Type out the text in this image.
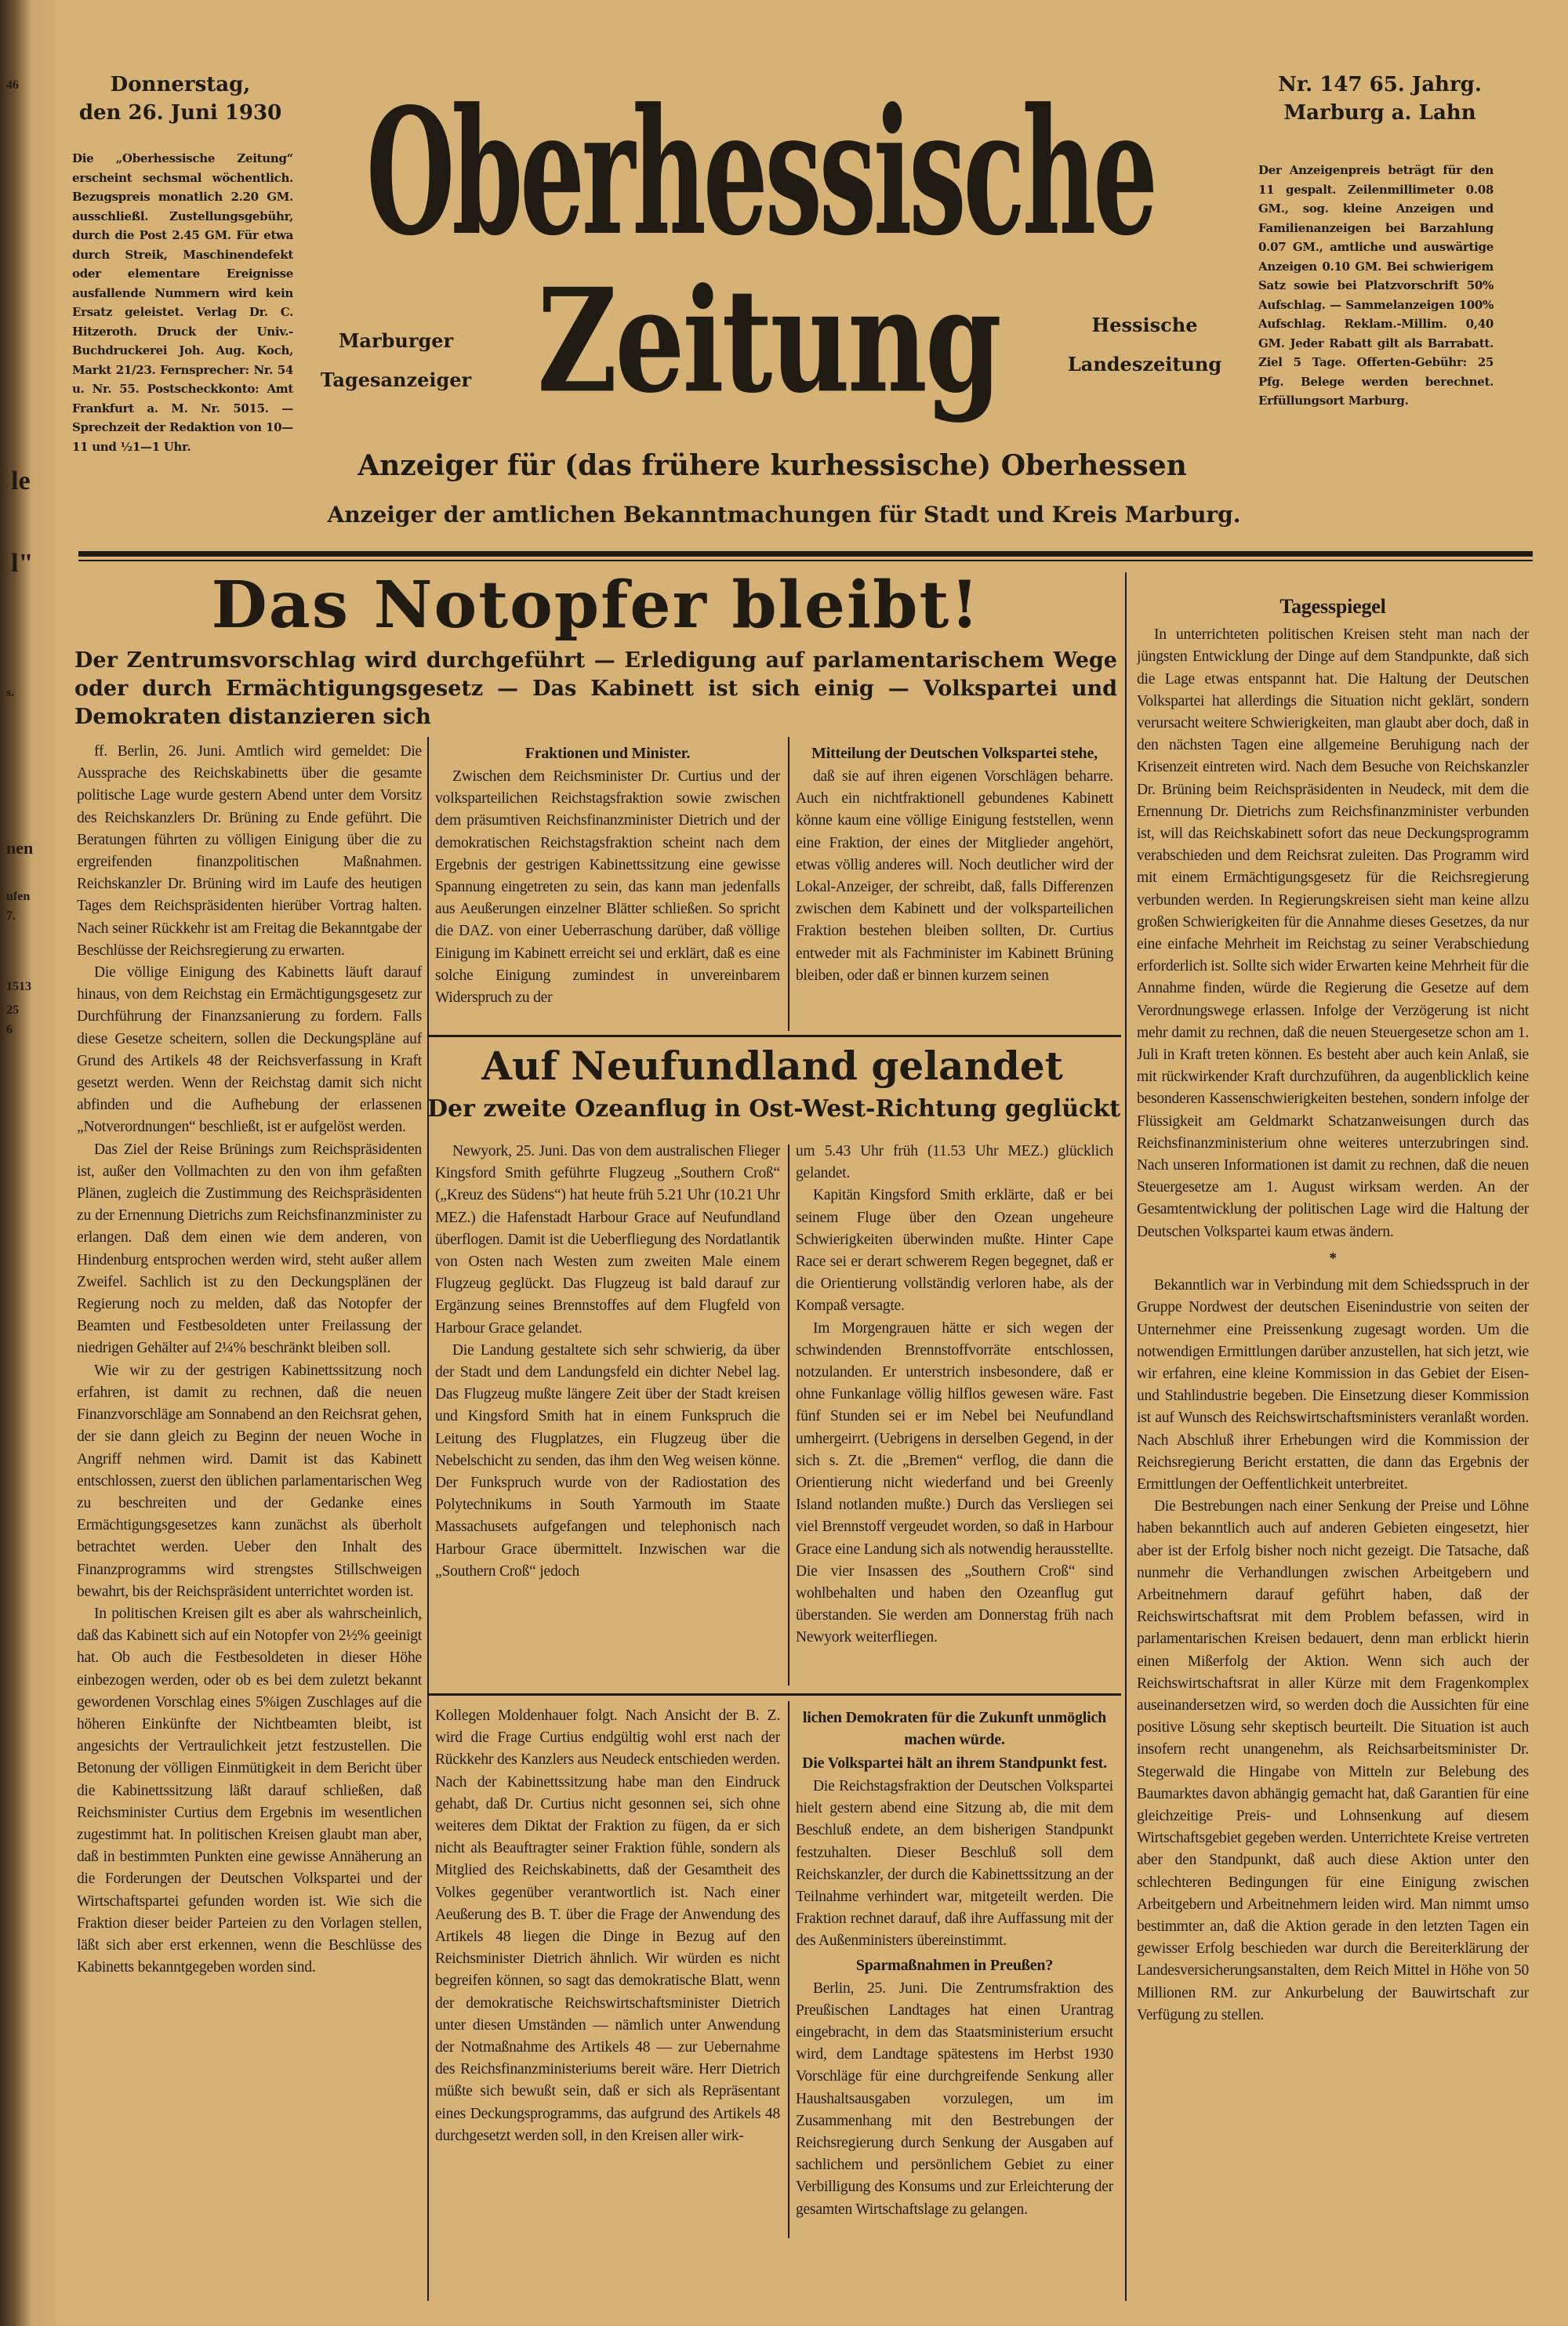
46
le
l"
s.
nen
ufen
7.
1513
25
6
Donnerstag,
den 26. Juni 1930
Nr. 147 65. Jahrg.
Marburg a. Lahn
Die „Oberhessische Zeitung“ erscheint sechsmal wöchentlich. Bezugspreis monatlich 2.20 GM. ausschließl. Zustellungsgebühr, durch die Post 2.45 GM. Für etwa durch Streik, Maschinendefekt oder elementare Ereignisse ausfallende Nummern wird kein Ersatz geleistet. Verlag Dr. C. Hitzeroth. Druck der Univ.-Buchdruckerei Joh. Aug. Koch, Markt 21/23. Fernsprecher: Nr. 54 u. Nr. 55. Postscheckkonto: Amt Frankfurt a. M. Nr. 5015. — Sprechzeit der Redaktion von 10—11 und ½1—1 Uhr.
Der Anzeigenpreis beträgt für den 11 gespalt. Zeilenmillimeter 0.08 GM., sog. kleine Anzeigen und Familienanzeigen bei Barzahlung 0.07 GM., amtliche und auswärtige Anzeigen 0.10 GM. Bei schwierigem Satz sowie bei Platzvorschrift 50% Aufschlag. — Sammelanzeigen 100% Aufschlag. Reklam.-Millim. 0,40 GM. Jeder Rabatt gilt als Barrabatt. Ziel 5 Tage. Offerten-Gebühr: 25 Pfg. Belege werden berechnet. Erfüllungsort Marburg.
Oberhessische
Zeitung
Marburger
Tagesanzeiger
Hessische
Landeszeitung
Anzeiger für (das frühere kurhessische) Oberhessen
Anzeiger der amtlichen Bekanntmachungen für Stadt und Kreis Marburg.
Das Notopfer bleibt!
Der Zentrumsvorschlag wird durchgeführt — Erledigung auf parlamentarischem Wege oder durch Ermächtigungsgesetz — Das Kabinett ist sich einig — Volkspartei und Demokraten distanzieren sich

ff. Berlin, 26. Juni. Amtlich wird gemeldet: Die Aussprache des Reichskabinetts über die gesamte politische Lage wurde gestern Abend unter dem Vorsitz des Reichskanzlers Dr. Brüning zu Ende geführt. Die Beratungen führten zu völligen Einigung über die zu ergreifenden finanzpolitischen Maßnahmen. Reichskanzler Dr. Brüning wird im Laufe des heutigen Tages dem Reichspräsidenten hierüber Vortrag halten. Nach seiner Rückkehr ist am Freitag die Bekanntgabe der Beschlüsse der Reichsregierung zu erwarten.

Die völlige Einigung des Kabinetts läuft darauf hinaus, von dem Reichstag ein Ermächtigungsgesetz zur Durchführung der Finanzsanierung zu fordern. Falls diese Gesetze scheitern, sollen die Deckungspläne auf Grund des Artikels 48 der Reichsverfassung in Kraft gesetzt werden. Wenn der Reichstag damit sich nicht abfinden und die Aufhebung der erlassenen „Notverordnungen“ beschließt, ist er aufgelöst werden.

Das Ziel der Reise Brünings zum Reichspräsidenten ist, außer den Vollmachten zu den von ihm gefaßten Plänen, zugleich die Zustimmung des Reichspräsidenten zu der Ernennung Dietrichs zum Reichsfinanzminister zu erlangen. Daß dem einen wie dem anderen, von Hindenburg entsprochen werden wird, steht außer allem Zweifel. Sachlich ist zu den Deckungsplänen der Regierung noch zu melden, daß das Notopfer der Beamten und Festbesoldeten unter Freilassung der niedrigen Gehälter auf 2¼% beschränkt bleiben soll.

Wie wir zu der gestrigen Kabinettssitzung noch erfahren, ist damit zu rechnen, daß die neuen Finanzvorschläge am Sonnabend an den Reichsrat gehen, der sie dann gleich zu Beginn der neuen Woche in Angriff nehmen wird. Damit ist das Kabinett entschlossen, zuerst den üblichen parlamentarischen Weg zu beschreiten und der Gedanke eines Ermächtigungsgesetzes kann zunächst als überholt betrachtet werden. Ueber den Inhalt des Finanzprogramms wird strengstes Stillschweigen bewahrt, bis der Reichspräsident unterrichtet worden ist.

In politischen Kreisen gilt es aber als wahrscheinlich, daß das Kabinett sich auf ein Notopfer von 2½% geeinigt hat. Ob auch die Festbesoldeten in dieser Höhe einbezogen werden, oder ob es bei dem zuletzt bekannt gewordenen Vorschlag eines 5%igen Zuschlages auf die höheren Einkünfte der Nichtbeamten bleibt, ist angesichts der Vertraulichkeit jetzt festzustellen. Die Betonung der völligen Einmütigkeit in dem Bericht über die Kabinettssitzung läßt darauf schließen, daß Reichsminister Curtius dem Ergebnis im wesentlichen zugestimmt hat. In politischen Kreisen glaubt man aber, daß in bestimmten Punkten eine gewisse Annäherung an die Forderungen der Deutschen Volkspartei und der Wirtschaftspartei gefunden worden ist. Wie sich die Fraktion dieser beider Parteien zu den Vorlagen stellen, läßt sich aber erst erkennen, wenn die Beschlüsse des Kabinetts bekanntgegeben worden sind.

Fraktionen und Minister.

Zwischen dem Reichsminister Dr. Curtius und der volksparteilichen Reichstagsfraktion sowie zwischen dem präsumtiven Reichsfinanzminister Dietrich und der demokratischen Reichstagsfraktion scheint nach dem Ergebnis der gestrigen Kabinettssitzung eine gewisse Spannung eingetreten zu sein, das kann man jedenfalls aus Aeußerungen einzelner Blätter schließen. So spricht die DAZ. von einer Ueberraschung darüber, daß völlige Einigung im Kabinett erreicht sei und erklärt, daß es eine solche Einigung zumindest in unvereinbarem Widerspruch zu der

Mitteilung der Deutschen Volkspartei stehe,

daß sie auf ihren eigenen Vorschlägen beharre. Auch ein nichtfraktionell gebundenes Kabinett könne kaum eine völlige Einigung feststellen, wenn eine Fraktion, der eines der Mitglieder angehört, etwas völlig anderes will. Noch deutlicher wird der Lokal-Anzeiger, der schreibt, daß, falls Differenzen zwischen dem Kabinett und der volksparteilichen Fraktion bestehen bleiben sollten, Dr. Curtius entweder mit als Fachminister im Kabinett Brüning bleiben, oder daß er binnen kurzem seinen

Auf Neufundland gelandet
Der zweite Ozeanflug in Ost-West-Richtung geglückt

Newyork, 25. Juni. Das von dem australischen Flieger Kingsford Smith geführte Flugzeug „Southern Croß“ („Kreuz des Südens“) hat heute früh 5.21 Uhr (10.21 Uhr MEZ.) die Hafenstadt Harbour Grace auf Neufundland überflogen. Damit ist die Ueberfliegung des Nordatlantik von Osten nach Westen zum zweiten Male einem Flugzeug geglückt. Das Flugzeug ist bald darauf zur Ergänzung seines Brennstoffes auf dem Flugfeld von Harbour Grace gelandet.

Die Landung gestaltete sich sehr schwierig, da über der Stadt und dem Landungsfeld ein dichter Nebel lag. Das Flugzeug mußte längere Zeit über der Stadt kreisen und Kingsford Smith hat in einem Funkspruch die Leitung des Flugplatzes, ein Flugzeug über die Nebelschicht zu senden, das ihm den Weg weisen könne. Der Funkspruch wurde von der Radiostation des Polytechnikums in South Yarmouth im Staate Massachusets aufgefangen und telephonisch nach Harbour Grace übermittelt. Inzwischen war die „Southern Croß“ jedoch

um 5.43 Uhr früh (11.53 Uhr MEZ.) glücklich gelandet.

Kapitän Kingsford Smith erklärte, daß er bei seinem Fluge über den Ozean ungeheure Schwierigkeiten überwinden mußte. Hinter Cape Race sei er derart schwerem Regen begegnet, daß er die Orientierung vollständig verloren habe, als der Kompaß versagte.

Im Morgengrauen hätte er sich wegen der schwindenden Brennstoffvorräte entschlossen, notzulanden. Er unterstrich insbesondere, daß er ohne Funkanlage völlig hilflos gewesen wäre. Fast fünf Stunden sei er im Nebel bei Neufundland umhergeirrt. (Uebrigens in derselben Gegend, in der sich s. Zt. die „Bremen“ verflog, die dann die Orientierung nicht wiederfand und bei Greenly Island notlanden mußte.) Durch das Versliegen sei viel Brennstoff vergeudet worden, so daß in Harbour Grace eine Landung sich als notwendig herausstellte. Die vier Insassen des „Southern Croß“ sind wohlbehalten und haben den Ozeanflug gut überstanden. Sie werden am Donnerstag früh nach Newyork weiterfliegen.

Kollegen Moldenhauer folgt. Nach Ansicht der B. Z. wird die Frage Curtius endgültig wohl erst nach der Rückkehr des Kanzlers aus Neudeck entschieden werden. Nach der Kabinettssitzung habe man den Eindruck gehabt, daß Dr. Curtius nicht gesonnen sei, sich ohne weiteres dem Diktat der Fraktion zu fügen, da er sich nicht als Beauftragter seiner Fraktion fühle, sondern als Mitglied des Reichskabinetts, daß der Gesamtheit des Volkes gegenüber verantwortlich ist. Nach einer Aeußerung des B. T. über die Frage der Anwendung des Artikels 48 liegen die Dinge in Bezug auf den Reichsminister Dietrich ähnlich. Wir würden es nicht begreifen können, so sagt das demokratische Blatt, wenn der demokratische Reichswirtschaftsminister Dietrich unter diesen Umständen — nämlich unter Anwendung der Notmaßnahme des Artikels 48 — zur Uebernahme des Reichsfinanzministeriums bereit wäre. Herr Dietrich müßte sich bewußt sein, daß er sich als Repräsentant eines Deckungsprogramms, das aufgrund des Artikels 48 durchgesetzt werden soll, in den Kreisen aller wirk-

lichen Demokraten für die Zukunft unmöglich machen würde.
Die Volkspartei hält an ihrem Standpunkt fest.

Die Reichstagsfraktion der Deutschen Volkspartei hielt gestern abend eine Sitzung ab, die mit dem Beschluß endete, an dem bisherigen Standpunkt festzuhalten. Dieser Beschluß soll dem Reichskanzler, der durch die Kabinettssitzung an der Teilnahme verhindert war, mitgeteilt werden. Die Fraktion rechnet darauf, daß ihre Auffassung mit der des Außenministers übereinstimmt.

Sparmaßnahmen in Preußen?

Berlin, 25. Juni. Die Zentrumsfraktion des Preußischen Landtages hat einen Urantrag eingebracht, in dem das Staatsministerium ersucht wird, dem Landtage spätestens im Herbst 1930 Vorschläge für eine durchgreifende Senkung aller Haushaltsausgaben vorzulegen, um im Zusammenhang mit den Bestrebungen der Reichsregierung durch Senkung der Ausgaben auf sachlichem und persönlichem Gebiet zu einer Verbilligung des Konsums und zur Erleichterung der gesamten Wirtschaftslage zu gelangen.

Tagesspiegel

In unterrichteten politischen Kreisen steht man nach der jüngsten Entwicklung der Dinge auf dem Standpunkte, daß sich die Lage etwas entspannt hat. Die Haltung der Deutschen Volkspartei hat allerdings die Situation nicht geklärt, sondern verursacht weitere Schwierigkeiten, man glaubt aber doch, daß in den nächsten Tagen eine allgemeine Beruhigung nach der Krisenzeit eintreten wird. Nach dem Besuche von Reichskanzler Dr. Brüning beim Reichspräsidenten in Neudeck, mit dem die Ernennung Dr. Dietrichs zum Reichsfinanzminister verbunden ist, will das Reichskabinett sofort das neue Deckungsprogramm verabschieden und dem Reichsrat zuleiten. Das Programm wird mit einem Ermächtigungsgesetz für die Reichsregierung verbunden werden. In Regierungskreisen sieht man keine allzu großen Schwierigkeiten für die Annahme dieses Gesetzes, da nur eine einfache Mehrheit im Reichstag zu seiner Verabschiedung erforderlich ist. Sollte sich wider Erwarten keine Mehrheit für die Annahme finden, würde die Regierung die Gesetze auf dem Verordnungswege erlassen. Infolge der Verzögerung ist nicht mehr damit zu rechnen, daß die neuen Steuergesetze schon am 1. Juli in Kraft treten können. Es besteht aber auch kein Anlaß, sie mit rückwirkender Kraft durchzuführen, da augenblicklich keine besonderen Kassenschwierigkeiten bestehen, sondern infolge der Flüssigkeit am Geldmarkt Schatzanweisungen durch das Reichsfinanzministerium ohne weiteres unterzubringen sind. Nach unseren Informationen ist damit zu rechnen, daß die neuen Steuergesetze am 1. August wirksam werden. An der Gesamtentwicklung der politischen Lage wird die Haltung der Deutschen Volkspartei kaum etwas ändern.

*

Bekanntlich war in Verbindung mit dem Schiedsspruch in der Gruppe Nordwest der deutschen Eisenindustrie von seiten der Unternehmer eine Preissenkung zugesagt worden. Um die notwendigen Ermittlungen darüber anzustellen, hat sich jetzt, wie wir erfahren, eine kleine Kommission in das Gebiet der Eisen- und Stahlindustrie begeben. Die Einsetzung dieser Kommission ist auf Wunsch des Reichswirtschaftsministers veranlaßt worden. Nach Abschluß ihrer Erhebungen wird die Kommission der Reichsregierung Bericht erstatten, die dann das Ergebnis der Ermittlungen der Oeffentlichkeit unterbreitet.

Die Bestrebungen nach einer Senkung der Preise und Löhne haben bekanntlich auch auf anderen Gebieten eingesetzt, hier aber ist der Erfolg bisher noch nicht gezeigt. Die Tatsache, daß nunmehr die Verhandlungen zwischen Arbeitgebern und Arbeitnehmern darauf geführt haben, daß der Reichswirtschaftsrat mit dem Problem befassen, wird in parlamentarischen Kreisen bedauert, denn man erblickt hierin einen Mißerfolg der Aktion. Wenn sich auch der Reichswirtschaftsrat in aller Kürze mit dem Fragenkomplex auseinandersetzen wird, so werden doch die Aussichten für eine positive Lösung sehr skeptisch beurteilt. Die Situation ist auch insofern recht unangenehm, als Reichsarbeitsminister Dr. Stegerwald die Hingabe von Mitteln zur Belebung des Baumarktes davon abhängig gemacht hat, daß Garantien für eine gleichzeitige Preis- und Lohnsenkung auf diesem Wirtschaftsgebiet gegeben werden. Unterrichtete Kreise vertreten aber den Standpunkt, daß auch diese Aktion unter den schlechteren Bedingungen für eine Einigung zwischen Arbeitgebern und Arbeitnehmern leiden wird. Man nimmt umso bestimmter an, daß die Aktion gerade in den letzten Tagen ein gewisser Erfolg beschieden war durch die Bereiterklärung der Landesversicherungsanstalten, dem Reich Mittel in Höhe von 50 Millionen RM. zur Ankurbelung der Bauwirtschaft zur Verfügung zu stellen.
